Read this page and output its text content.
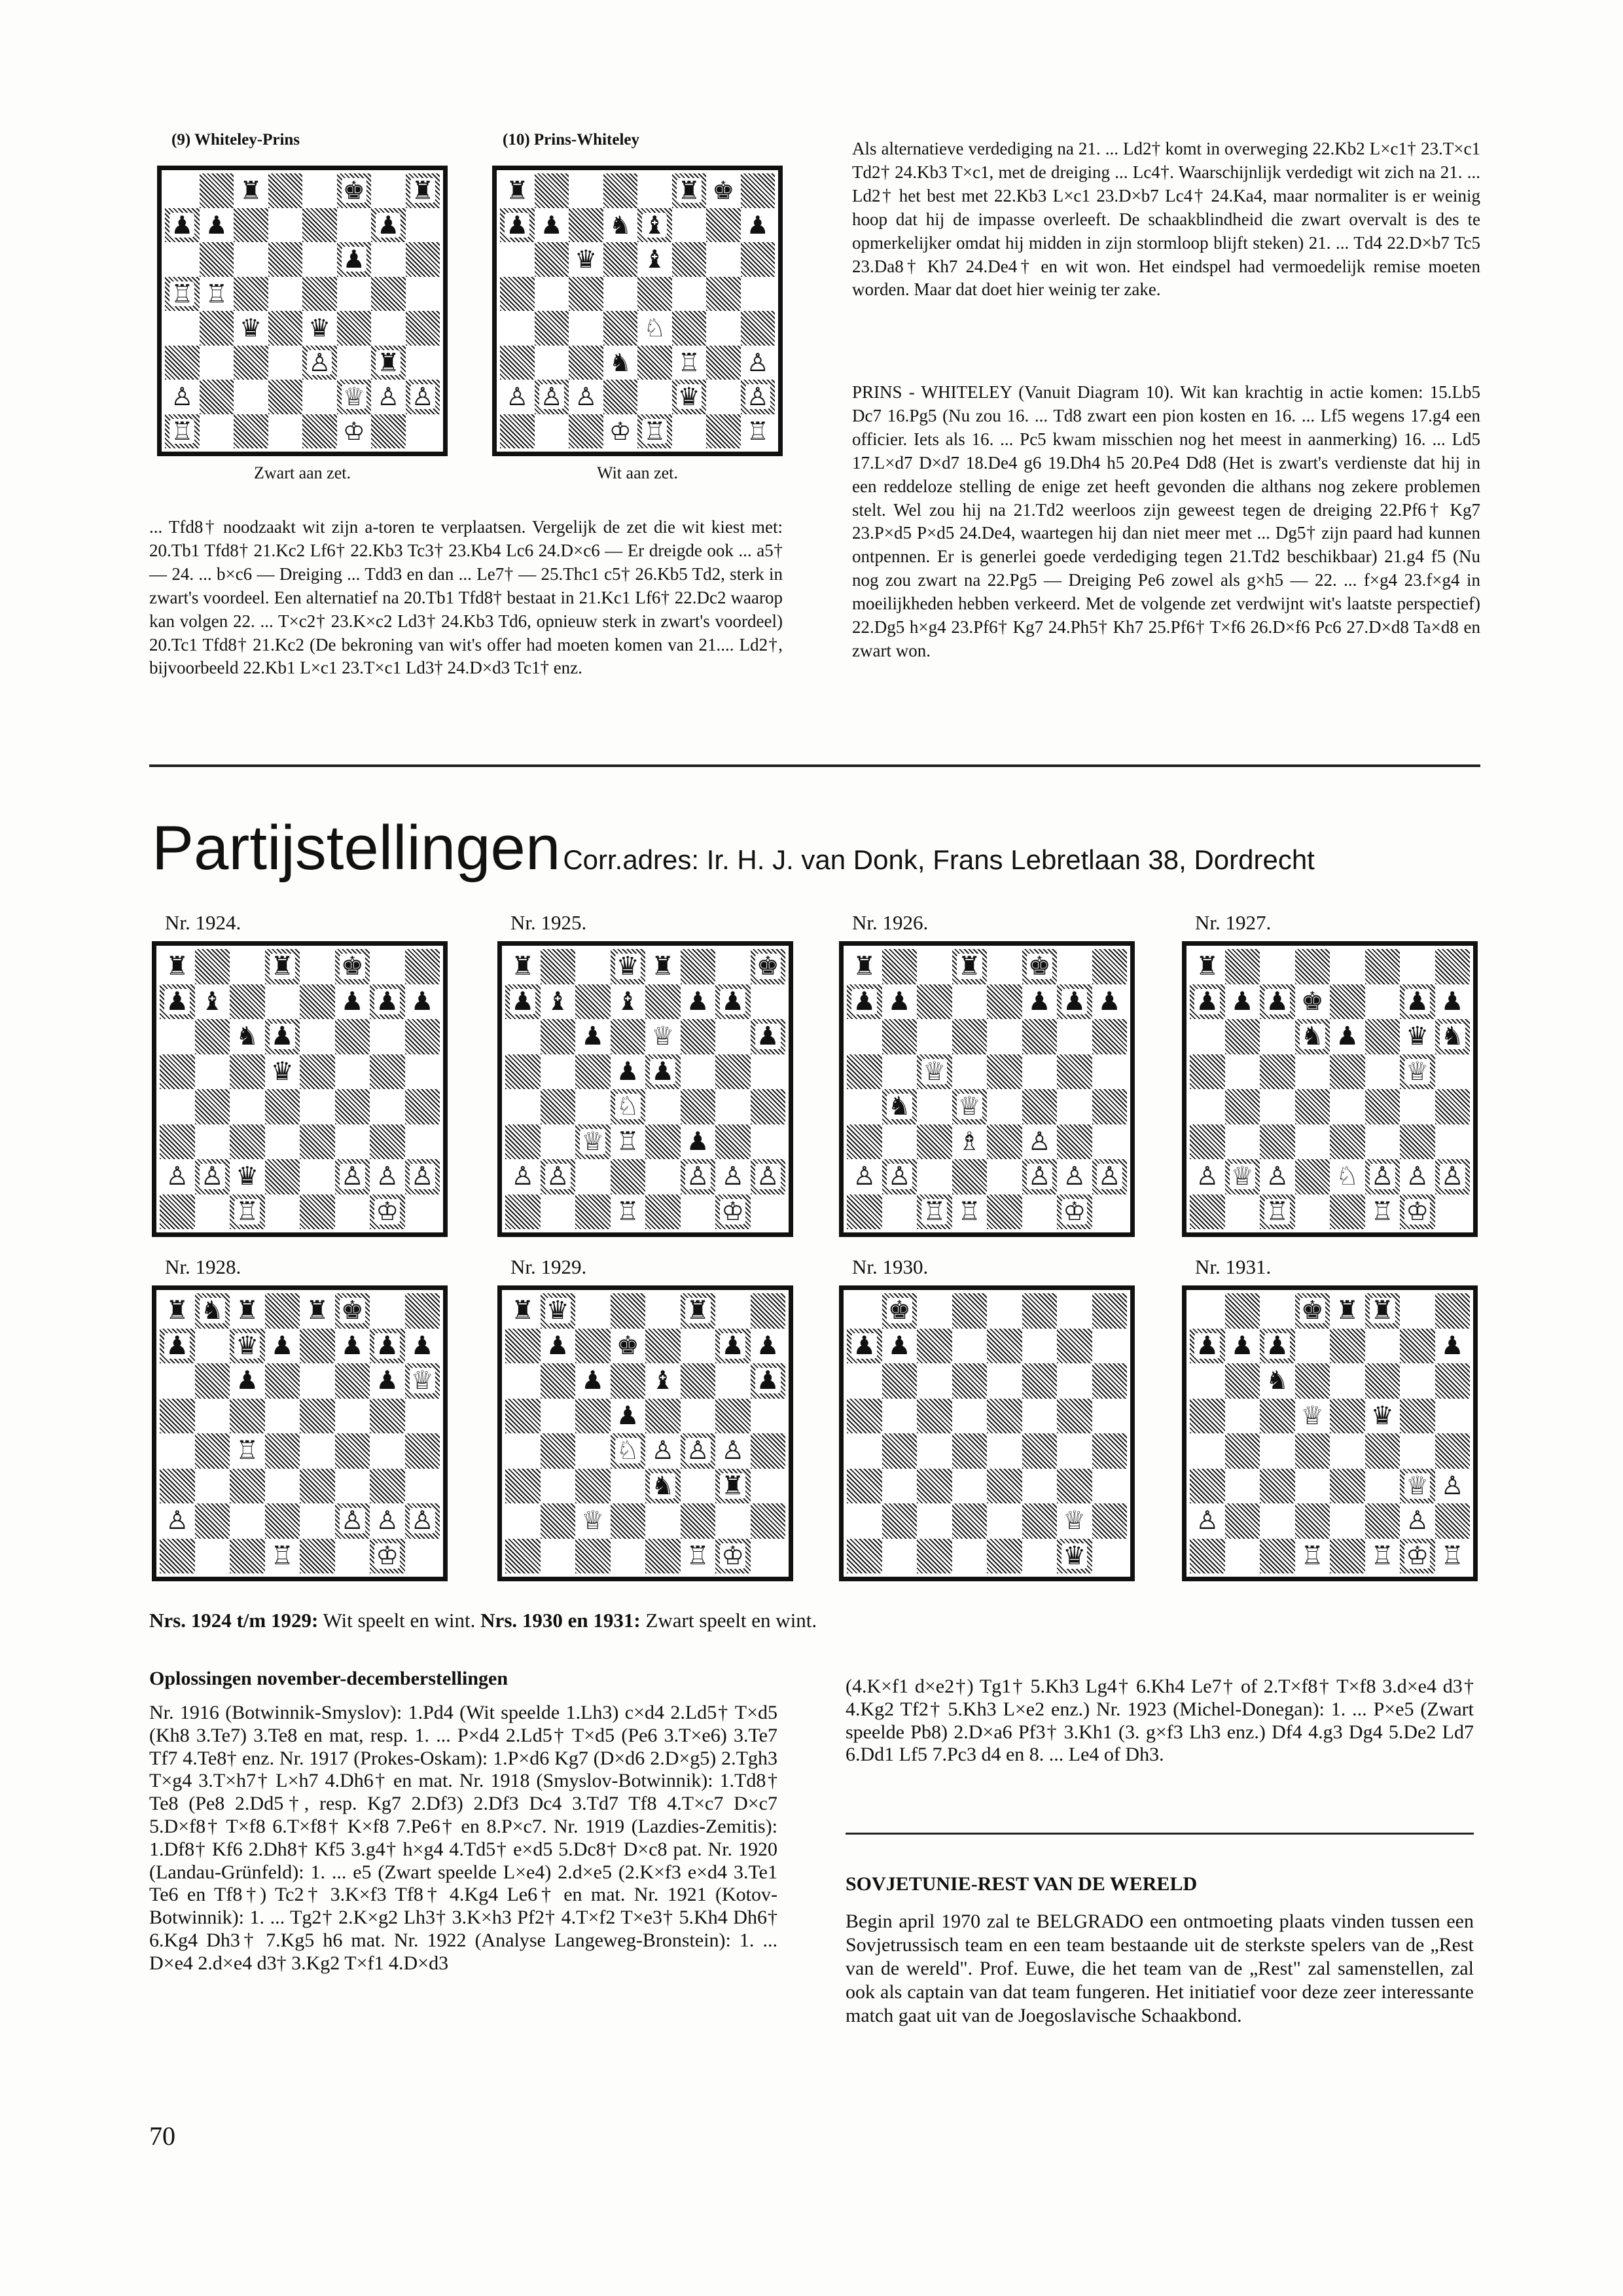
(9) Whiteley-Prins
♜	♚ ♜
♟ ♟	♟
♟
♖ ♖
♛ ♛
♙ ♜
♙	♕ ♙ ♙
♖	♔
Zwart aan zet.
(10) Prins-Whiteley
♜	♜ ♚
♟ ♟ ♞ ♝	♟
♛ ♝
♘
♞ ♖ ♙
♙ ♙ ♙	♛ ♙
♔ ♖	♖
Wit aan zet.

... Tfd8† noodzaakt wit zijn a-toren te verplaatsen. Vergelijk de zet die wit kiest met: 20.Tb1 Tfd8† 21.Kc2 Lf6† 22.Kb3 Tc3† 23.Kb4 Lc6 24.D×c6 — Er dreigde ook ... a5† — 24. ... b×c6 — Dreiging ... Tdd3 en dan ... Le7† — 25.Thc1 c5† 26.Kb5 Td2, sterk in zwart's voordeel. Een alternatief na 20.Tb1 Tfd8† bestaat in 21.Kc1 Lf6† 22.Dc2 waarop kan volgen 22. ... T×c2† 23.K×c2 Ld3† 24.Kb3 Td6, opnieuw sterk in zwart's voordeel) 20.Tc1 Tfd8† 21.Kc2 (De bekroning van wit's offer had moeten komen van 21.... Ld2†, bijvoorbeeld 22.Kb1 L×c1 23.T×c1 Ld3† 24.D×d3 Tc1† enz.

Als alternatieve verdediging na 21. ... Ld2† komt in overweging 22.Kb2 L×c1† 23.T×c1 Td2† 24.Kb3 T×c1, met de dreiging ... Lc4†. Waarschijnlijk verdedigt wit zich na 21. ... Ld2† het best met 22.Kb3 L×c1 23.D×b7 Lc4† 24.Ka4, maar normaliter is er weinig hoop dat hij de impasse overleeft. De schaakblindheid die zwart overvalt is des te opmerkelijker omdat hij midden in zijn stormloop blijft steken) 21. ... Td4 22.D×b7 Tc5 23.Da8† Kh7 24.De4† en wit won. Het eindspel had vermoedelijk remise moeten worden. Maar dat doet hier weinig ter zake.

PRINS - WHITELEY (Vanuit Diagram 10). Wit kan krachtig in actie komen: 15.Lb5 Dc7 16.Pg5 (Nu zou 16. ... Td8 zwart een pion kosten en 16. ... Lf5 wegens 17.g4 een officier. Iets als 16. ... Pc5 kwam misschien nog het meest in aanmerking) 16. ... Ld5 17.L×d7 D×d7 18.De4 g6 19.Dh4 h5 20.Pe4 Dd8 (Het is zwart's verdienste dat hij in een reddeloze stelling de enige zet heeft gevonden die althans nog zekere problemen stelt. Wel zou hij na 21.Td2 weerloos zijn geweest tegen de dreiging 22.Pf6† Kg7 23.P×d5 P×d5 24.De4, waartegen hij dan niet meer met ... Dg5† zijn paard had kunnen ontpennen. Er is generlei goede verdediging tegen 21.Td2 beschikbaar) 21.g4 f5 (Nu nog zou zwart na 22.Pg5 — Dreiging Pe6 zowel als g×h5 — 22. ... f×g4 23.f×g4 in moeilijkheden hebben verkeerd. Met de volgende zet verdwijnt wit's laatste perspectief) 22.Dg5 h×g4 23.Pf6† Kg7 24.Ph5† Kh7 25.Pf6† T×f6 26.D×f6 Pc6 27.D×d8 Ta×d8 en zwart won.

Partijstellingen Corr.adres: Ir. H. J. van Donk, Frans Lebretlaan 38, Dordrecht
Nr. 1924.
♜	♜ ♚
♟ ♝	♟ ♟ ♟
♞ ♟
♛
♙ ♙ ♛	♙ ♙ ♙
♖	♔
Nr. 1925.
♜	♛ ♜	♚
♟ ♝ ♝ ♟ ♟
♟ ♕	♟
♟ ♟
♘
♕ ♖ ♟
♙ ♙	♙ ♙ ♙
♖	♔
Nr. 1926.
♜	♜ ♚
♟ ♟	♟ ♟ ♟
♕
♞ ♕
♗ ♙
♙ ♙	♙ ♙ ♙
♖ ♖	♔
Nr. 1927.
♜
♟ ♟ ♟ ♚	♟ ♟
♞ ♟ ♛ ♞
♕
♙ ♕ ♙ ♘ ♙ ♙ ♙
♖	♖ ♔
Nr. 1928.
♜ ♞ ♜ ♜ ♚
♟ ♛ ♟ ♟ ♟ ♟
♟	♟ ♕
♖
♙	♙ ♙ ♙
♖	♔
Nr. 1929.
♜ ♛	♜
♟ ♚	♟ ♟
♟ ♝	♟
♟
♘ ♙ ♙ ♙
♞ ♜
♕
♖ ♔
Nr. 1930.
♚
♟ ♟
♕
♛
Nr. 1931.
♚ ♜ ♜
♟ ♟ ♟	♟
♞
♕ ♛
♕ ♙
♙	♙
♖ ♖ ♔ ♖
Nrs. 1924 t/m 1929: Wit speelt en wint. Nrs. 1930 en 1931: Zwart speelt en wint.
Oplossingen november-decemberstellingen

Nr. 1916 (Botwinnik-Smyslov): 1.Pd4 (Wit speelde 1.Lh3) c×d4 2.Ld5† T×d5 (Kh8 3.Te7) 3.Te8 en mat, resp. 1. ... P×d4 2.Ld5† T×d5 (Pe6 3.T×e6) 3.Te7 Tf7 4.Te8† enz. Nr. 1917 (Prokes-Oskam): 1.P×d6 Kg7 (D×d6 2.D×g5) 2.Tgh3 T×g4 3.T×h7† L×h7 4.Dh6† en mat. Nr. 1918 (Smyslov-Botwinnik): 1.Td8† Te8 (Pe8 2.Dd5†, resp. Kg7 2.Df3) 2.Df3 Dc4 3.Td7 Tf8 4.T×c7 D×c7 5.D×f8† T×f8 6.T×f8† K×f8 7.Pe6† en 8.P×c7. Nr. 1919 (Lazdies-Zemitis): 1.Df8† Kf6 2.Dh8† Kf5 3.g4† h×g4 4.Td5† e×d5 5.Dc8† D×c8 pat. Nr. 1920 (Landau-Grünfeld): 1. ... e5 (Zwart speelde L×e4) 2.d×e5 (2.K×f3 e×d4 3.Te1 Te6 en Tf8†) Tc2† 3.K×f3 Tf8† 4.Kg4 Le6† en mat. Nr. 1921 (Kotov-Botwinnik): 1. ... Tg2† 2.K×g2 Lh3† 3.K×h3 Pf2† 4.T×f2 T×e3† 5.Kh4 Dh6† 6.Kg4 Dh3† 7.Kg5 h6 mat. Nr. 1922 (Analyse Langeweg-Bronstein): 1. ... D×e4 2.d×e4 d3† 3.Kg2 T×f1 4.D×d3

(4.K×f1 d×e2†) Tg1† 5.Kh3 Lg4† 6.Kh4 Le7† of 2.T×f8† T×f8 3.d×e4 d3† 4.Kg2 Tf2† 5.Kh3 L×e2 enz.) Nr. 1923 (Michel-Donegan): 1. ... P×e5 (Zwart speelde Pb8) 2.D×a6 Pf3† 3.Kh1 (3. g×f3 Lh3 enz.) Df4 4.g3 Dg4 5.De2 Ld7 6.Dd1 Lf5 7.Pc3 d4 en 8. ... Le4 of Dh3.

SOVJETUNIE-REST VAN DE WERELD

Begin april 1970 zal te BELGRADO een ontmoeting plaats vinden tussen een Sovjetrussisch team en een team bestaande uit de sterkste spelers van de „Rest van de wereld". Prof. Euwe, die het team van de „Rest" zal samenstellen, zal ook als captain van dat team fungeren. Het initiatief voor deze zeer interessante match gaat uit van de Joegoslavische Schaakbond.

70
